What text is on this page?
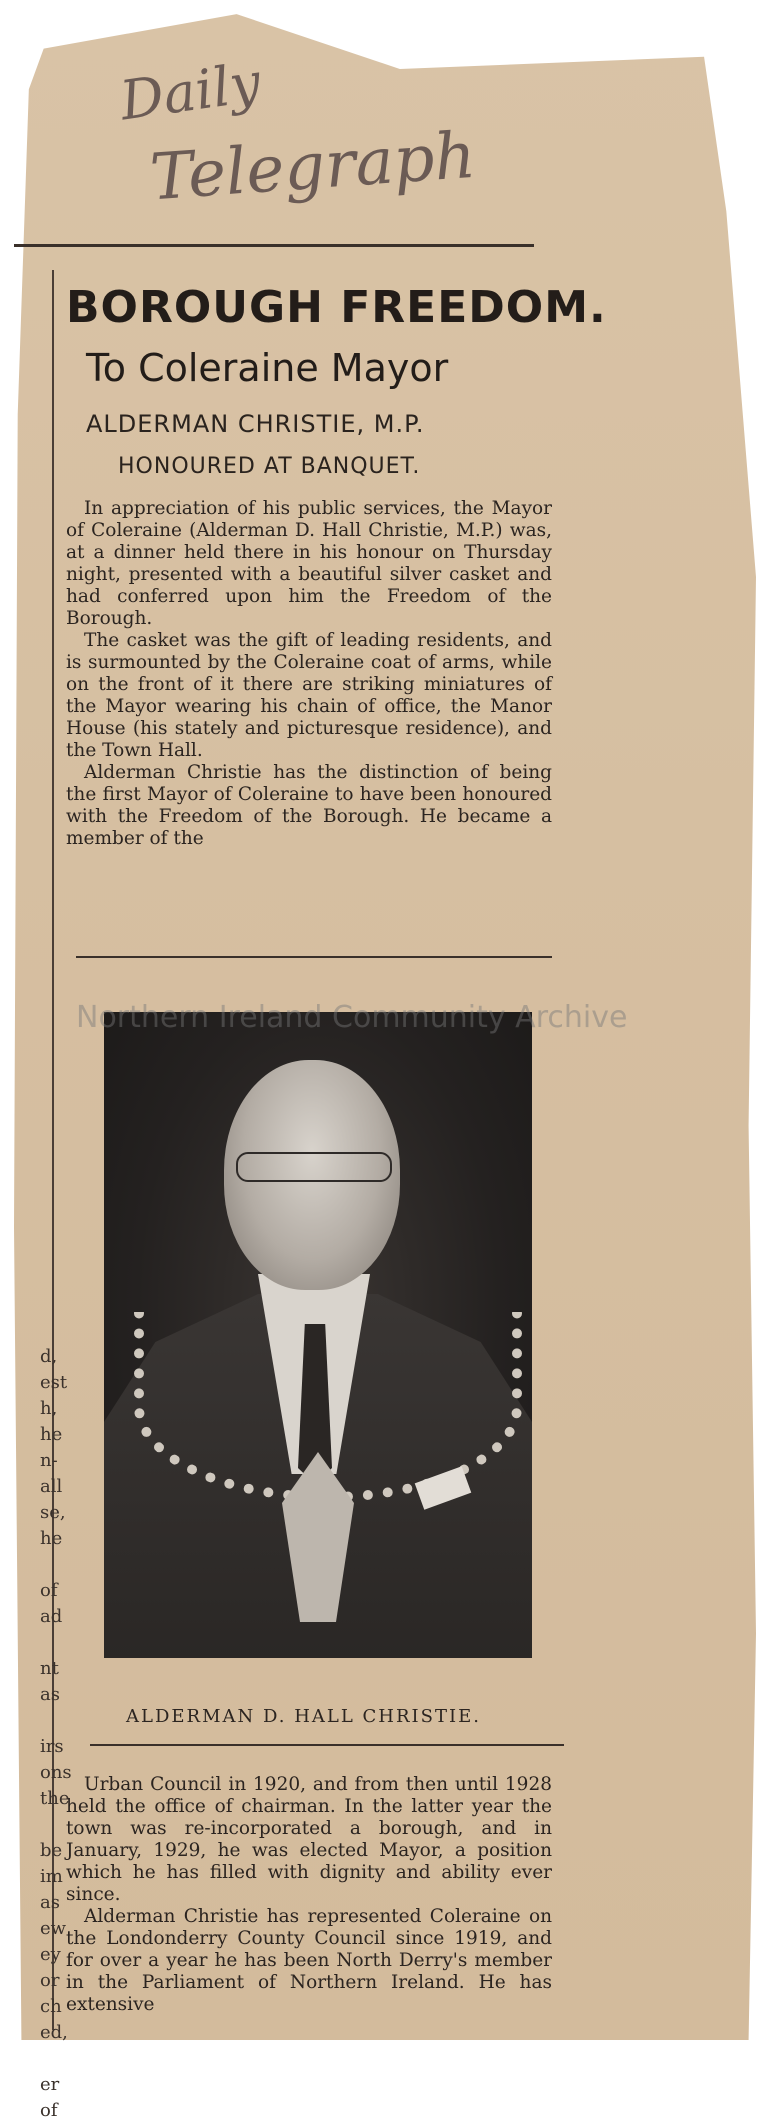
Daily
Telegraph
BOROUGH FREEDOM.
To Coleraine Mayor
ALDERMAN CHRISTIE, M.P.
HONOURED AT BANQUET.

In appreciation of his public services, the Mayor of Coleraine (Alderman D. Hall Christie, M.P.) was, at a dinner held there in his honour on Thursday night, presented with a beautiful silver casket and had conferred upon him the Freedom of the Borough.

The casket was the gift of leading residents, and is surmounted by the Coleraine coat of arms, while on the front of it there are striking miniatures of the Mayor wearing his chain of office, the Manor House (his stately and picturesque residence), and the Town Hall.

Alderman Christie has the distinction of being the first Mayor of Coleraine to have been honoured with the Freedom of the Borough. He became a member of the

Northern Ireland Community Archive
ALDERMAN D. HALL CHRISTIE.

Urban Council in 1920, and from then until 1928 held the office of chairman. In the latter year the town was re-incorporated a borough, and in January, 1929, he was elected Mayor, a position which he has filled with dignity and ability ever since.

Alderman Christie has represented Coleraine on the Londonderry County Council since 1919, and for over a year he has been North Derry's member in the Parliament of Northern Ireland. He has extensive

d,
est
h,
he
n-
all
se,
he
of
ad
nt
as
irs
ons
the
be
im
as
ew
ey
or
ch
ed,
er
of
